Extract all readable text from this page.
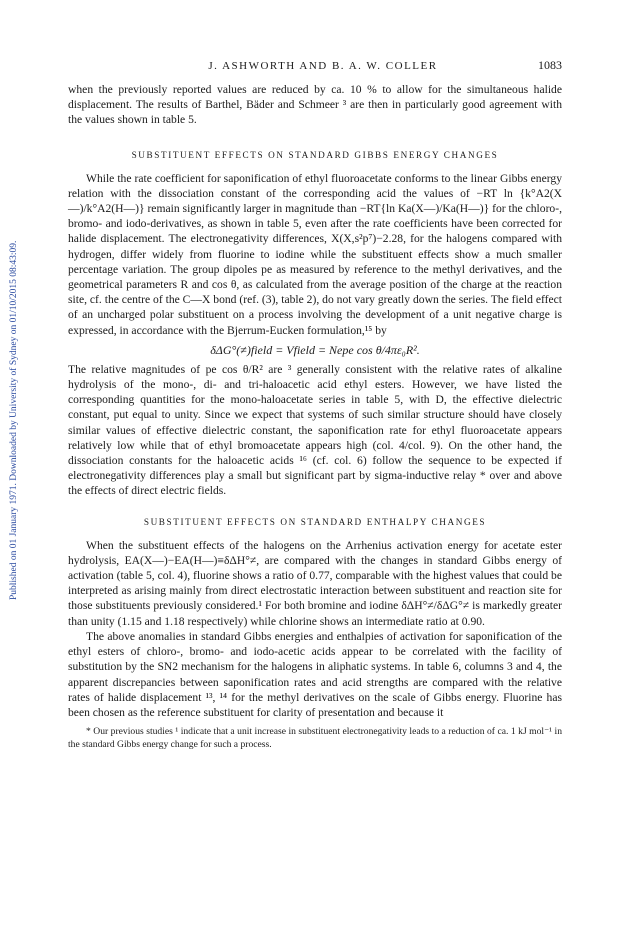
Published on 01 January 1971. Downloaded by University of Sydney on 01/10/2015 08:43:09.
J. ASHWORTH AND B. A. W. COLLER	1083

when the previously reported values are reduced by ca. 10 % to allow for the simultaneous halide displacement. The results of Barthel, Bäder and Schmeer ³ are then in particularly good agreement with the values shown in table 5.

SUBSTITUENT EFFECTS ON STANDARD GIBBS ENERGY CHANGES

While the rate coefficient for saponification of ethyl fluoroacetate conforms to the linear Gibbs energy relation with the dissociation constant of the corresponding acid the values of −RT ln {k°A2(X—)/k°A2(H—)} remain significantly larger in magnitude than −RT{ln Ka(X—)/Ka(H—)} for the chloro-, bromo- and iodo-derivatives, as shown in table 5, even after the rate coefficients have been corrected for halide displacement. The electronegativity differences, X(X,s²p⁷)−2.28, for the halogens compared with hydrogen, differ widely from fluorine to iodine while the substituent effects show a much smaller percentage variation. The group dipoles pe as measured by reference to the methyl derivatives, and the geometrical parameters R and cos θ, as calculated from the average position of the charge at the reaction site, cf. the centre of the C—X bond (ref. (3), table 2), do not vary greatly down the series. The field effect of an uncharged polar substituent on a process involving the development of a unit negative charge is expressed, in accordance with the Bjerrum-Eucken formulation,¹⁵ by

δΔG°(≠)field = Vfield = Nepe cos θ/4πε₀R².

The relative magnitudes of pe cos θ/R² are ³ generally consistent with the relative rates of alkaline hydrolysis of the mono-, di- and tri-haloacetic acid ethyl esters. However, we have listed the corresponding quantities for the mono-haloacetate series in table 5, with D, the effective dielectric constant, put equal to unity. Since we expect that systems of such similar structure should have closely similar values of effective dielectric constant, the saponification rate for ethyl fluoroacetate appears relatively low while that of ethyl bromoacetate appears high (col. 4/col. 9). On the other hand, the dissociation constants for the haloacetic acids ¹⁶ (cf. col. 6) follow the sequence to be expected if electronegativity differences play a small but significant part by sigma-inductive relay * over and above the effects of direct electric fields.

SUBSTITUENT EFFECTS ON STANDARD ENTHALPY CHANGES

When the substituent effects of the halogens on the Arrhenius activation energy for acetate ester hydrolysis, EA(X—)−EA(H—)≡δΔH°≠, are compared with the changes in standard Gibbs energy of activation (table 5, col. 4), fluorine shows a ratio of 0.77, comparable with the highest values that could be interpreted as arising mainly from direct electrostatic interaction between substituent and reaction site for those substituents previously considered.¹ For both bromine and iodine δΔH°≠/δΔG°≠ is markedly greater than unity (1.15 and 1.18 respectively) while chlorine shows an intermediate ratio at 0.90.

The above anomalies in standard Gibbs energies and enthalpies of activation for saponification of the ethyl esters of chloro-, bromo- and iodo-acetic acids appear to be correlated with the facility of substitution by the SN2 mechanism for the halogens in aliphatic systems. In table 6, columns 3 and 4, the apparent discrepancies between saponification rates and acid strengths are compared with the relative rates of halide displacement ¹³, ¹⁴ for the methyl derivatives on the scale of Gibbs energy. Fluorine has been chosen as the reference substituent for clarity of presentation and because it

* Our previous studies ¹ indicate that a unit increase in substituent electronegativity leads to a reduction of ca. 1 kJ mol⁻¹ in the standard Gibbs energy change for such a process.
